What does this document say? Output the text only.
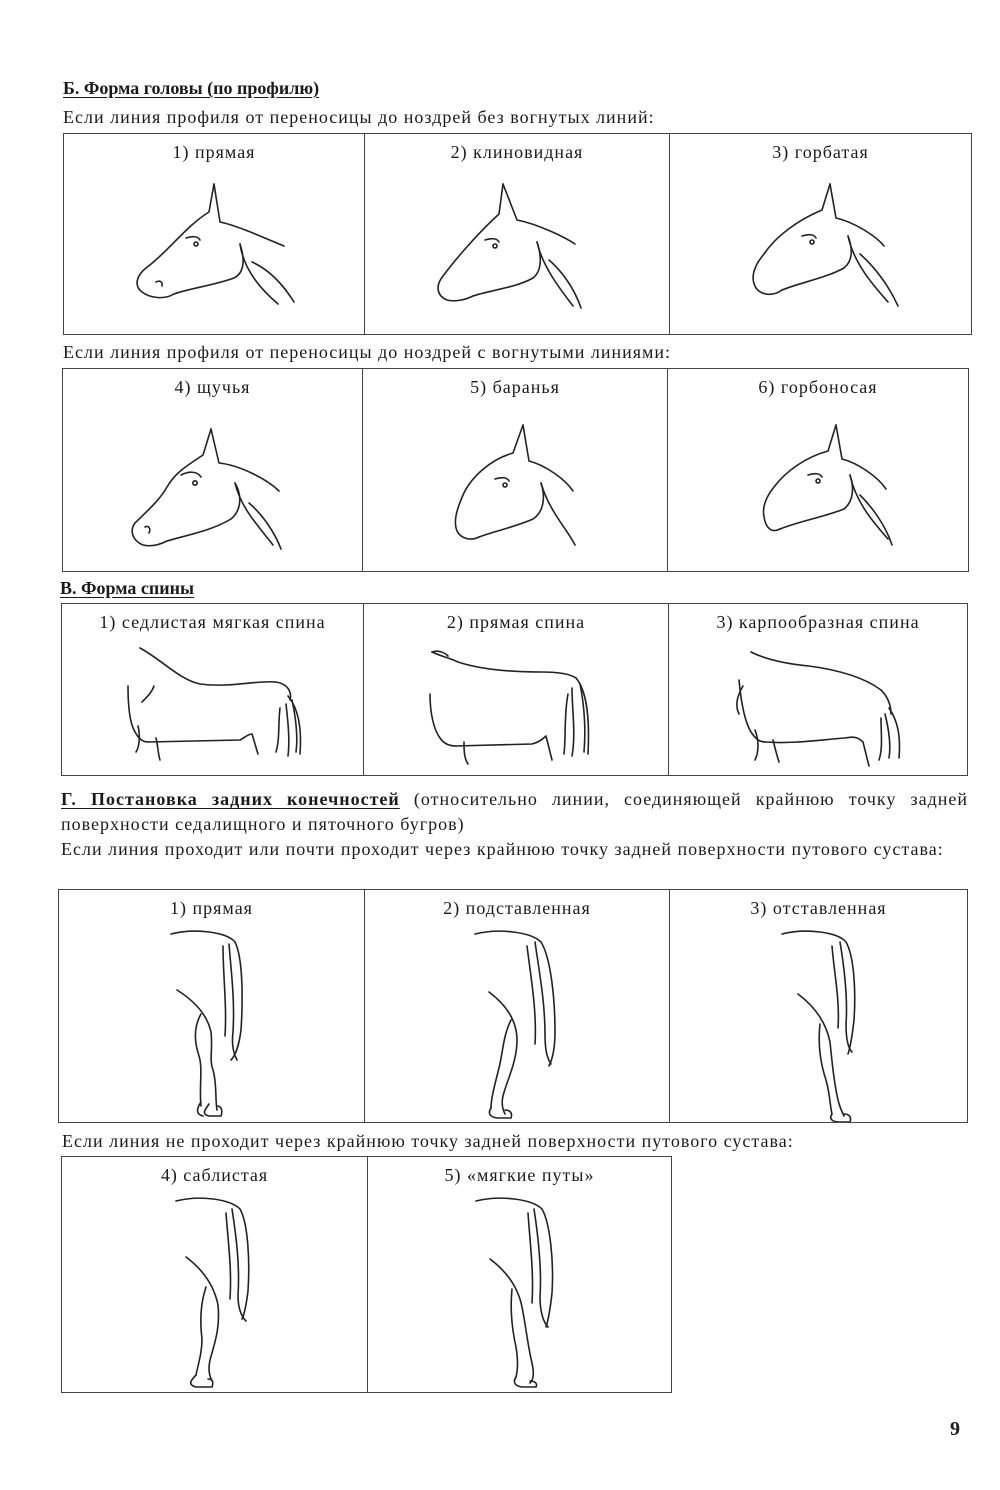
Б. Форма головы (по профилю)
Если линия профиля от переносицы до ноздрей без вогнутых линий:
1) прямая	2) клиновидная	3) горбатая
Если линия профиля от переносицы до ноздрей с вогнутыми линиями:
4) щучья	5) баранья	6) горбоносая
В. Форма спины
1) седлистая мягкая спина	2) прямая спина	3) карпообразная спина
Г. Постановка задних конечностей (относительно линии, соединяющей крайнюю точку задней поверхности седалищного и пяточного бугров)
Если линия проходит или почти проходит через крайнюю точку задней поверхности путового сустава:
1) прямая	2) подставленная	3) отставленная
Если линия не проходит через крайнюю точку задней поверхности путового сустава:
4) саблистая	5) «мягкие путы»
9
